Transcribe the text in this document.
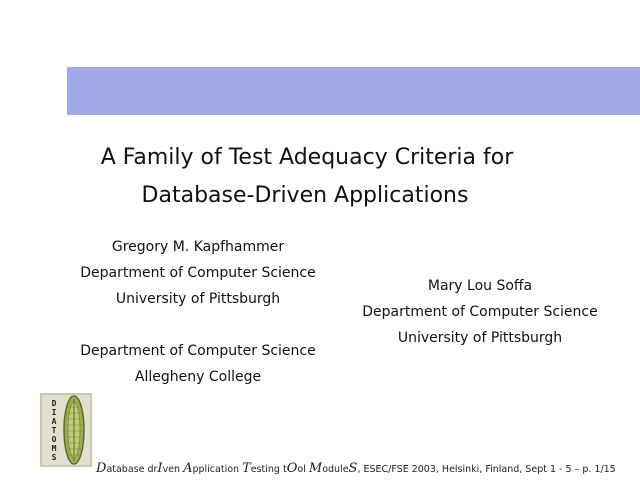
A Family of Test Adequacy Criteria for
Database-Driven Applications
Gregory M. Kapfhammer
Department of Computer Science
University of Pittsburgh
Department of Computer Science
Allegheny College
Mary Lou Soffa
Department of Computer Science
University of Pittsburgh
D
I
A
T
O
M
S
Database drIven Application Testing tOol ModuleS, ESEC/FSE 2003, Helsinki, Finland, Sept 1 - 5 – p. 1/15
